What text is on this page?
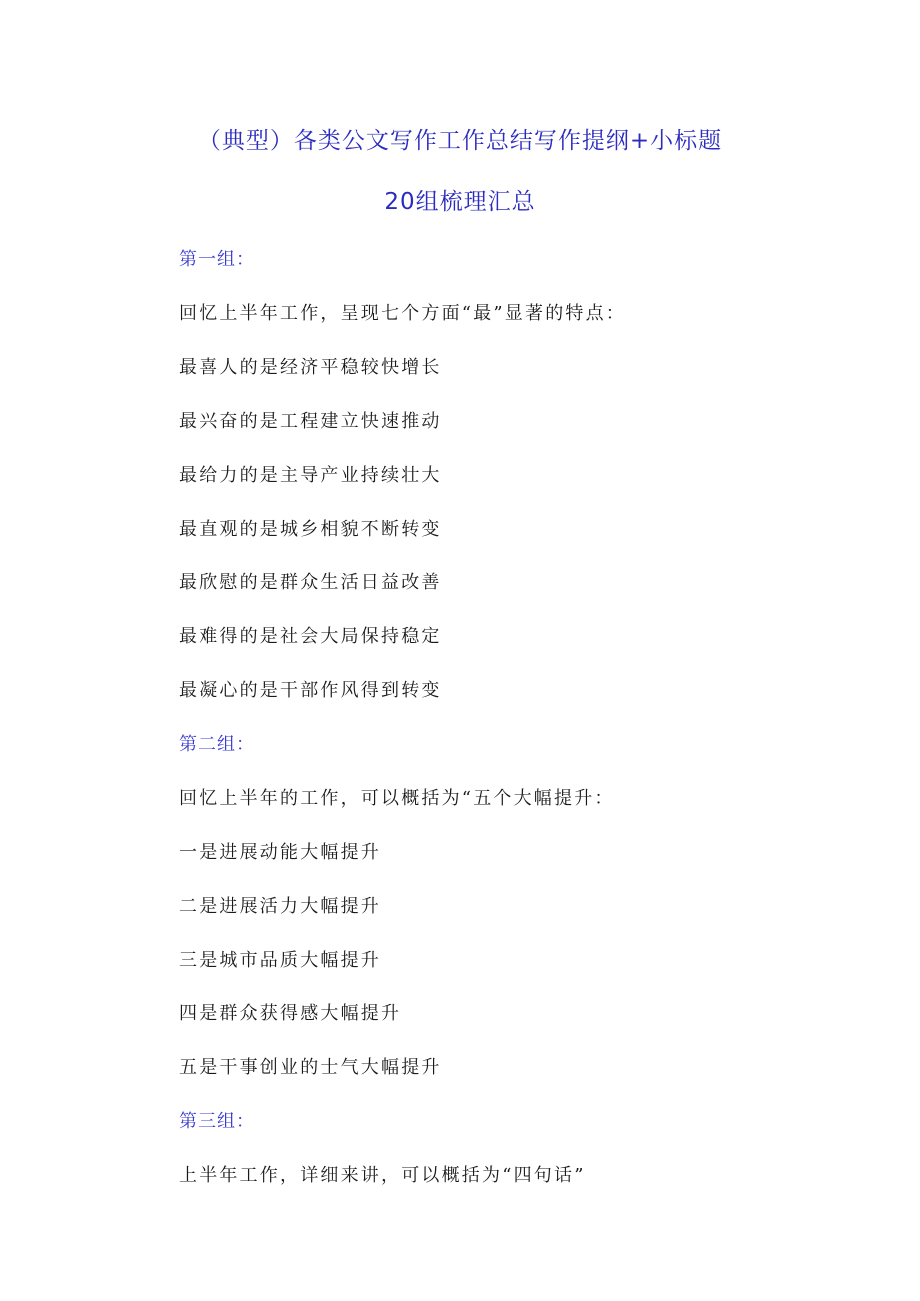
（典型）各类公文写作工作总结写作提纲+小标题
20组梳理汇总
第一组：
回忆上半年工作，呈现七个方面“最”显著的特点：
最喜人的是经济平稳较快增长
最兴奋的是工程建立快速推动
最给力的是主导产业持续壮大
最直观的是城乡相貌不断转变
最欣慰的是群众生活日益改善
最难得的是社会大局保持稳定
最凝心的是干部作风得到转变
第二组：
回忆上半年的工作，可以概括为“五个大幅提升：
一是进展动能大幅提升
二是进展活力大幅提升
三是城市品质大幅提升
四是群众获得感大幅提升
五是干事创业的士气大幅提升
第三组：
上半年工作，详细来讲，可以概括为“四句话”
